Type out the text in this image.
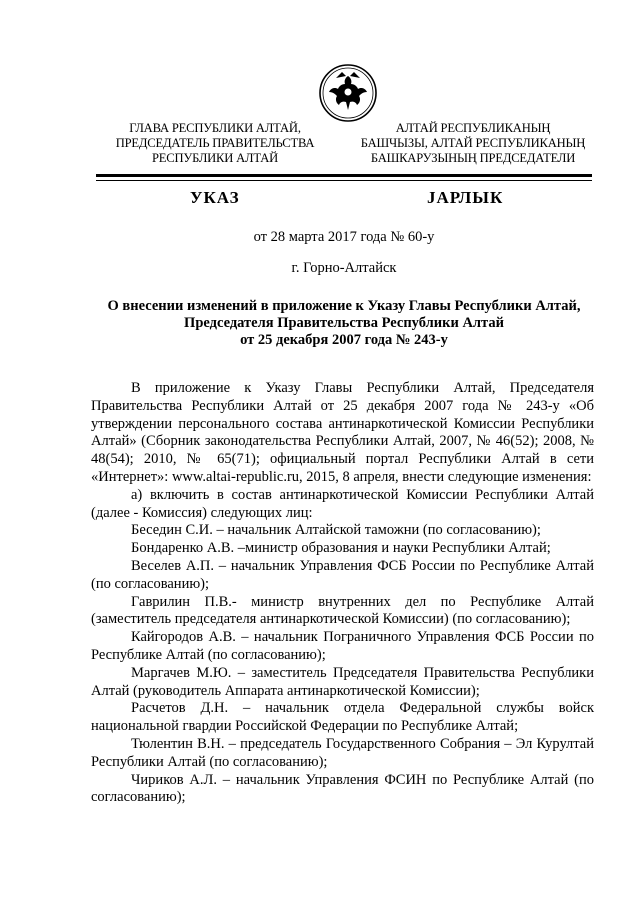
ГЛАВА РЕСПУБЛИКИ АЛТАЙ,
ПРЕДСЕДАТЕЛЬ ПРАВИТЕЛЬСТВА
РЕСПУБЛИКИ АЛТАЙ
АЛТАЙ РЕСПУБЛИКАНЫҢ
БАШЧЫЗЫ, АЛТАЙ РЕСПУБЛИКАНЫҢ
БАШКАРУЗЫНЫҢ ПРЕДСЕДАТЕЛИ
УКАЗ	JАРЛЫК
от 28 марта 2017 года № 60-у
г. Горно-Алтайск
О внесении изменений в приложение к Указу Главы Республики Алтай,
Председателя Правительства Республики Алтай
от 25 декабря 2007 года № 243-у

В приложение к Указу Главы Республики Алтай, Председателя Правительства Республики Алтай от 25 декабря 2007 года № 243-у «Об утверждении персонального состава антинаркотической Комиссии Республики Алтай» (Сборник законодательства Республики Алтай, 2007, № 46(52); 2008, № 48(54); 2010, № 65(71); официальный портал Республики Алтай в сети «Интернет»: www.altai-republic.ru, 2015, 8 апреля, внести следующие изменения:

а) включить в состав антинаркотической Комиссии Республики Алтай (далее - Комиссия) следующих лиц:

Беседин С.И. – начальник Алтайской таможни (по согласованию);

Бондаренко А.В. –министр образования и науки Республики Алтай;

Веселев А.П. – начальник Управления ФСБ России по Республике Алтай (по согласованию);

Гаврилин П.В.- министр внутренних дел по Республике Алтай (заместитель председателя антинаркотической Комиссии) (по согласованию);

Кайгородов А.В. – начальник Пограничного Управления ФСБ России по Республике Алтай (по согласованию);

Маргачев М.Ю. – заместитель Председателя Правительства Республики Алтай (руководитель Аппарата антинаркотической Комиссии);

Расчетов Д.Н. – начальник отдела Федеральной службы войск национальной гвардии Российской Федерации по Республике Алтай;

Тюлентин В.Н. – председатель Государственного Собрания – Эл Курултай Республики Алтай (по согласованию);

Чириков А.Л. – начальник Управления ФСИН по Республике Алтай (по согласованию);
